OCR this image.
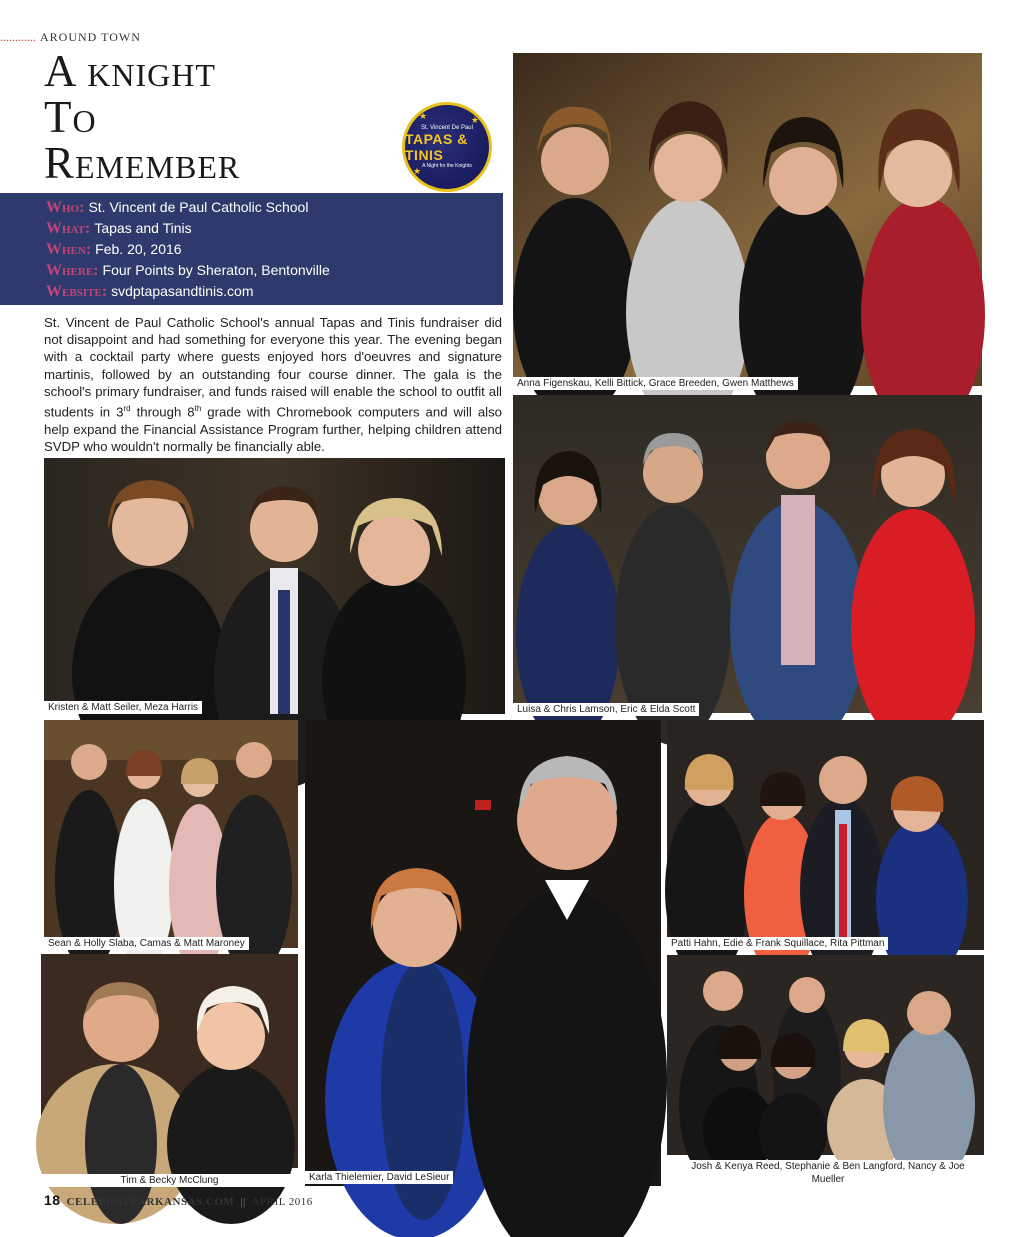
............ AROUND TOWN
A knight
To
Remember
★	★
★
St. Vincent De Paul
TAPAS & TINIS
A Night for the Knights
Who: St. Vincent de Paul Catholic School
What: Tapas and Tinis
When: Feb. 20, 2016
Where: Four Points by Sheraton, Bentonville
Website: svdptapasandtinis.com

St. Vincent de Paul Catholic School's annual Tapas and Tinis fundraiser did not disappoint and had something for everyone this year. The evening began with a cocktail party where guests enjoyed hors d'oeuvres and signature martinis, followed by an outstanding four course dinner. The gala is the school's primary fundraiser, and funds raised will enable the school to outfit all students in 3rd through 8th grade with Chromebook computers and will also help expand the Financial Assistance Program further, helping children attend SVDP who wouldn't normally be financially able.

Anna Figenskau, Kelli Bittick, Grace Breeden, Gwen Matthews
Luisa & Chris Lamson, Eric & Elda Scott
Kristen & Matt Seiler, Meza Harris
Sean & Holly Slaba, Camas & Matt Maroney
Karla Thielemier, David LeSieur
Patti Hahn, Edie & Frank Squillace, Rita Pittman
Tim & Becky McClung
Josh & Kenya Reed, Stephanie & Ben Langford, Nancy & Joe Mueller
18 CELEBRATEARKANSAS.COM || APRIL 2016
